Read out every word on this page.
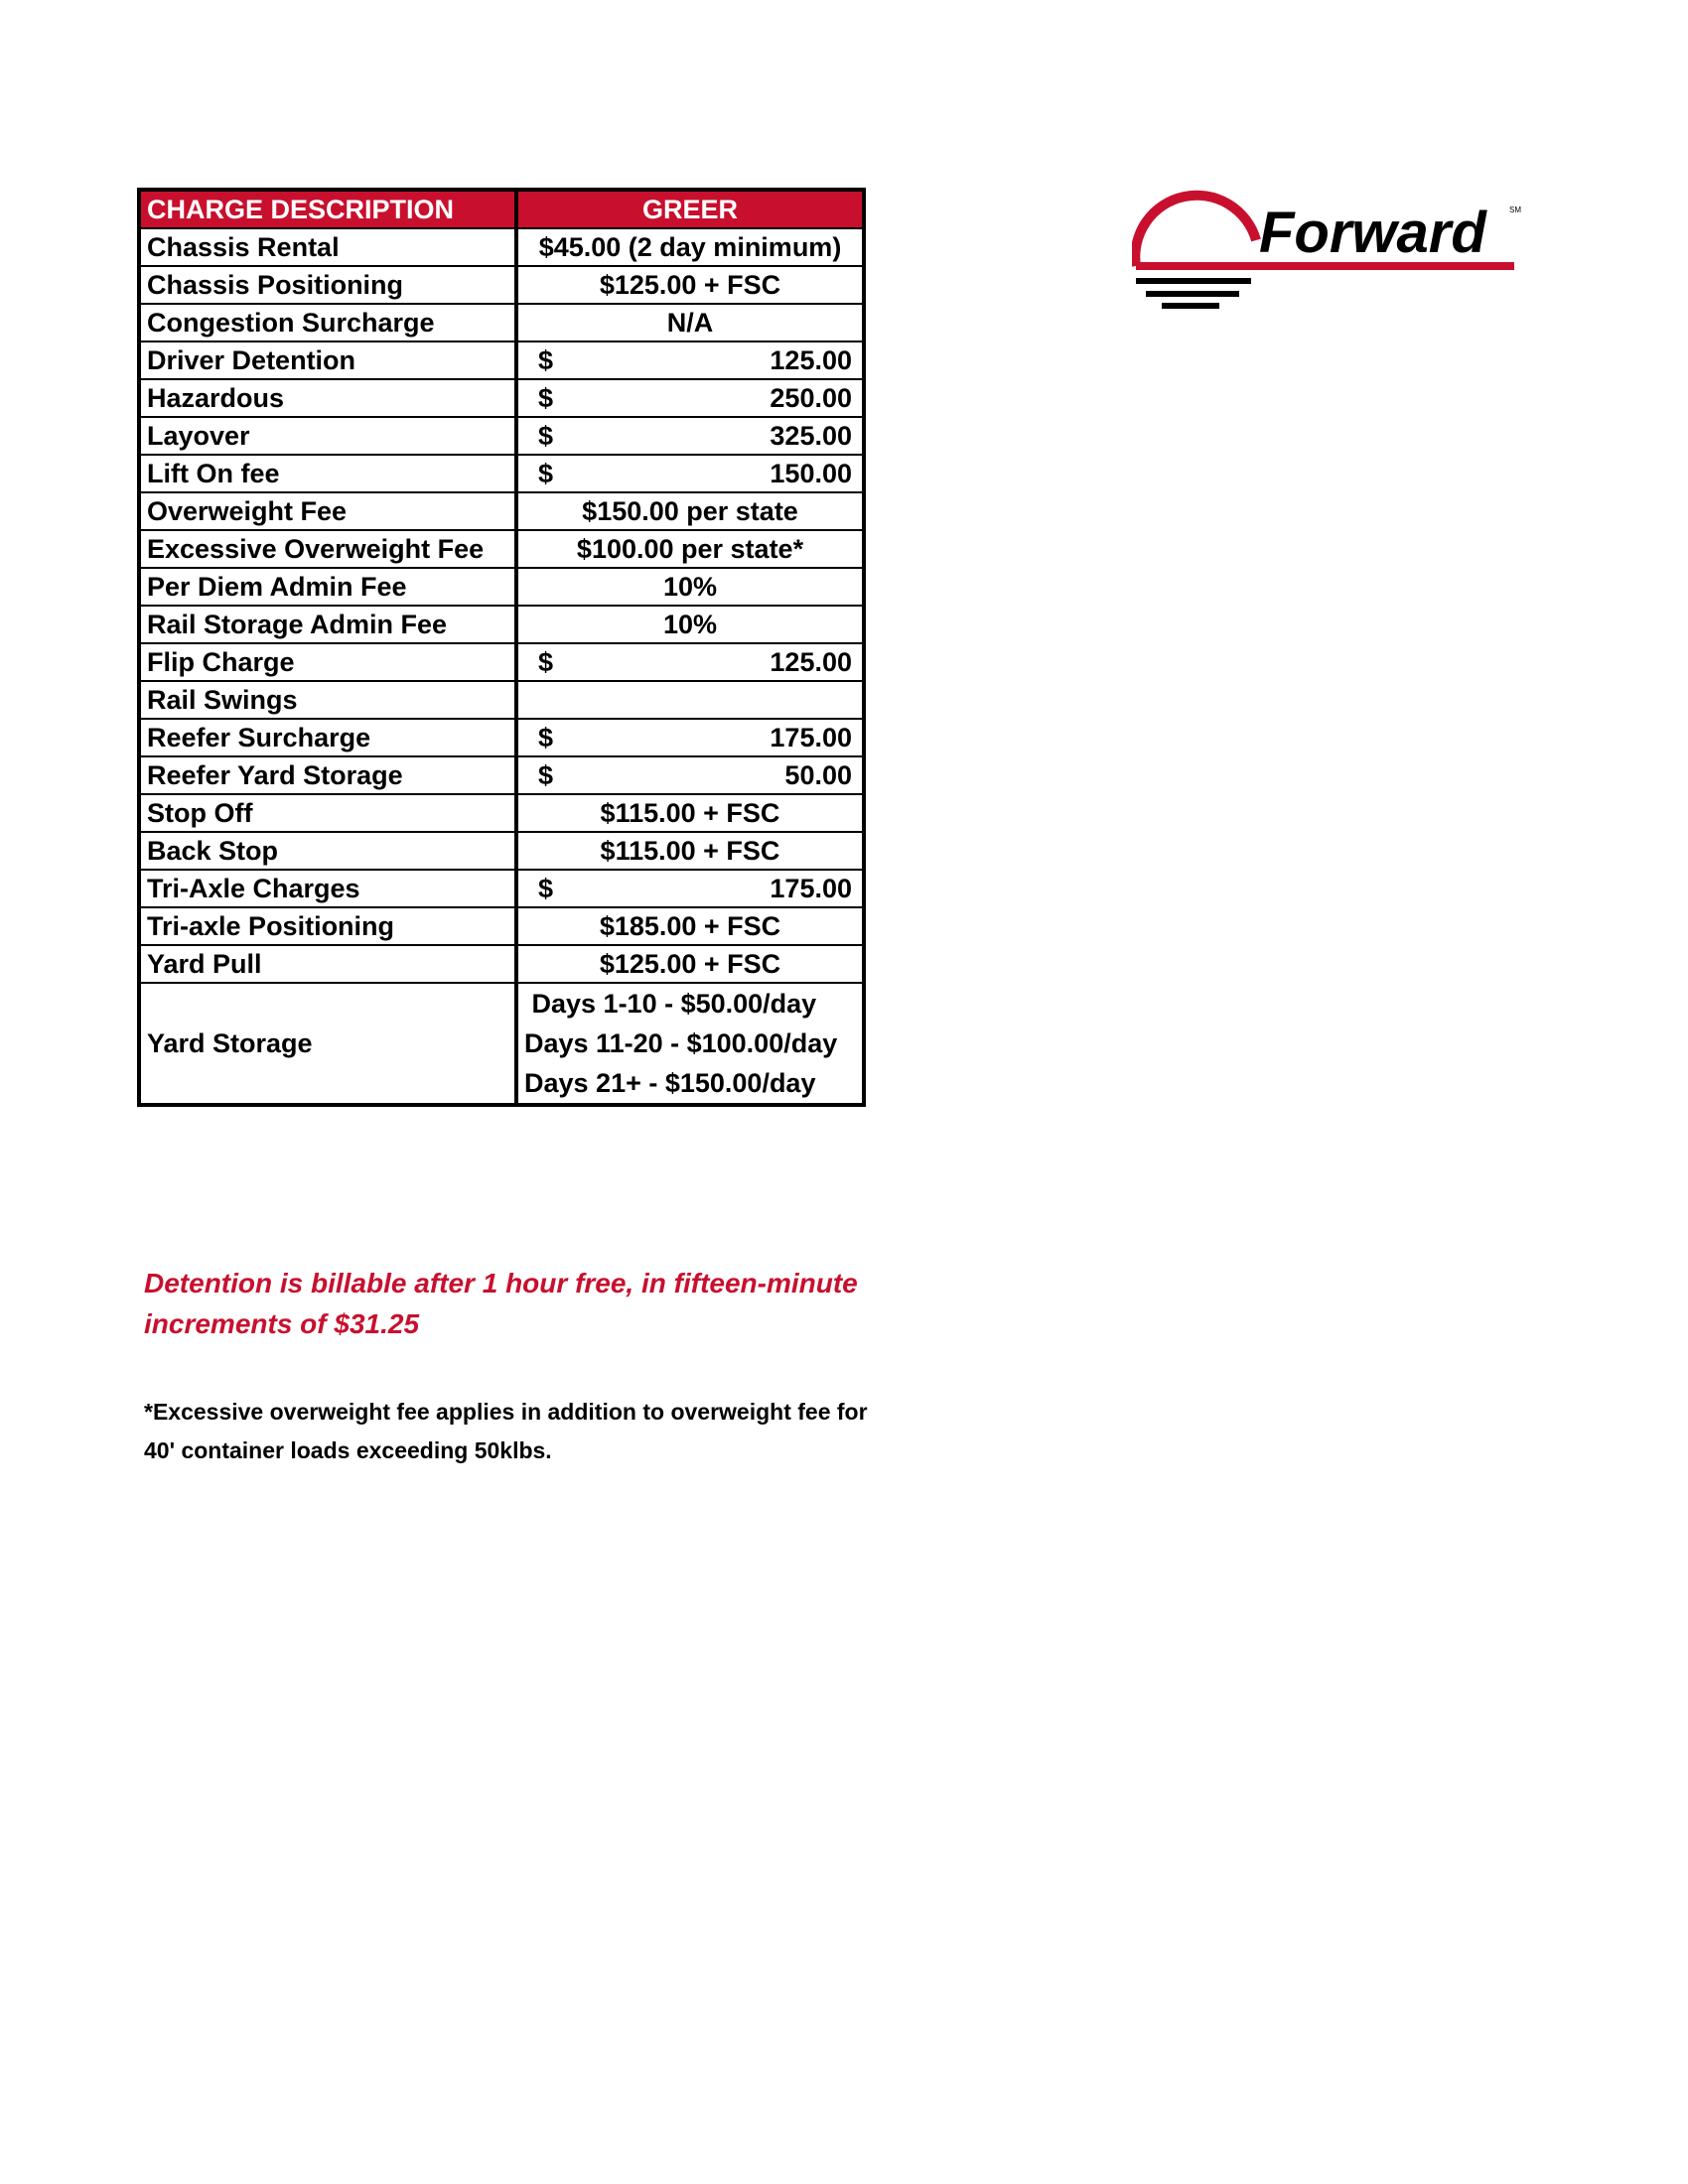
CHARGE DESCRIPTION	GREER
Chassis Rental	$45.00 (2 day minimum)
Chassis Positioning	$125.00 + FSC
Congestion Surcharge	N/A
Driver Detention	$ 125.00

Hazardous	$ 250.00

Layover	$ 325.00

Lift On fee	$ 150.00

Overweight Fee	$150.00 per state
Excessive Overweight Fee	$100.00 per state*
Per Diem Admin Fee	10%
Rail Storage Admin Fee	10%
Flip Charge	$ 125.00

Rail Swings	
Reefer Surcharge	$ 175.00

Reefer Yard Storage	$ 50.00

Stop Off	$115.00 + FSC
Back Stop	$115.00 + FSC
Tri-Axle Charges	$ 175.00

Tri-axle Positioning	$185.00 + FSC
Yard Pull	$125.00 + FSC
Yard Storage	Days 1-10 - $50.00/day
Days 11-20 - $100.00/day
Days 21+ - $150.00/day
Forward	SM
Detention is billable after 1 hour free, in fifteen-minute increments of $31.25
*Excessive overweight fee applies in addition to overweight fee for 40' container loads exceeding 50klbs.
